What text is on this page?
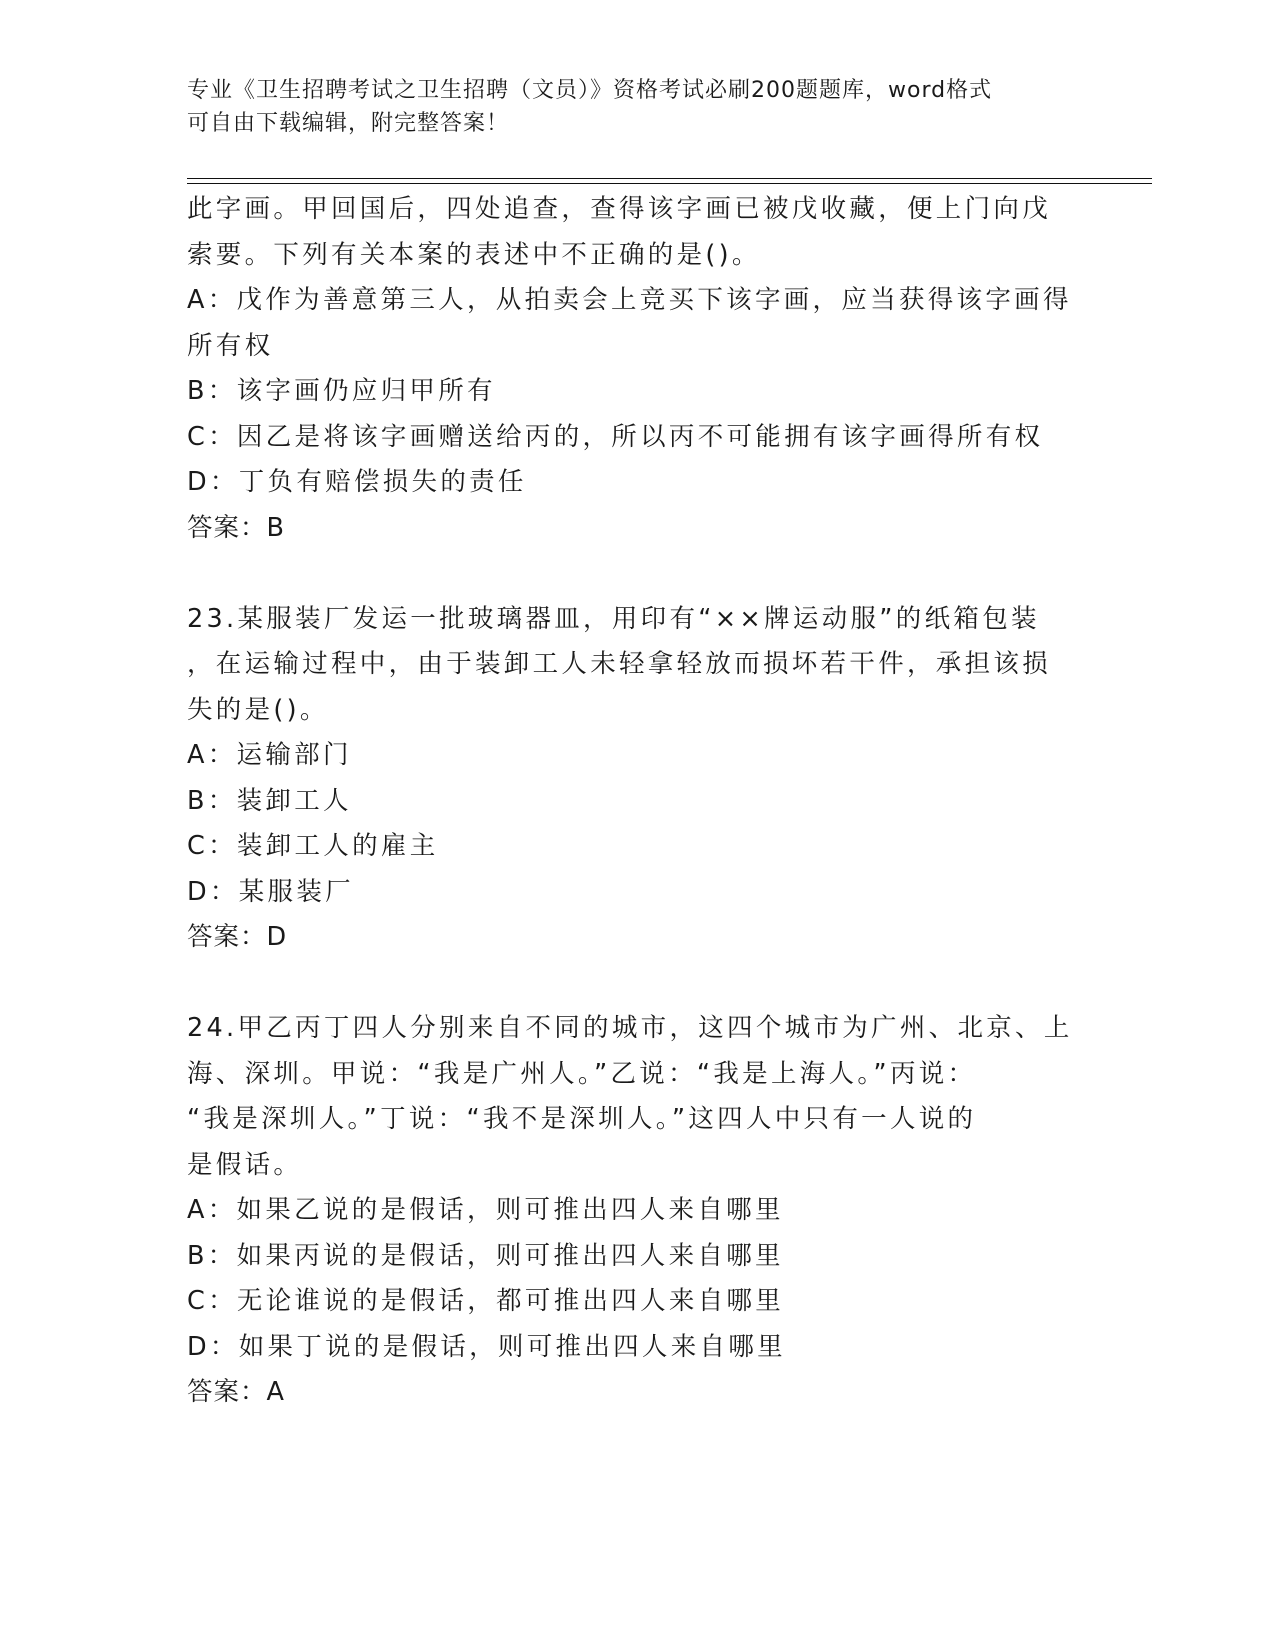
专业《卫生招聘考试之卫生招聘（文员）》资格考试必刷200题题库，word格式
可自由下载编辑，附完整答案！
此字画。甲回国后，四处追查，查得该字画已被戊收藏，便上门向戊
索要。下列有关本案的表述中不正确的是()。
A：戊作为善意第三人，从拍卖会上竞买下该字画，应当获得该字画得
所有权
B：该字画仍应归甲所有
C：因乙是将该字画赠送给丙的，所以丙不可能拥有该字画得所有权
D：丁负有赔偿损失的责任
答案：B
23.某服装厂发运一批玻璃器皿，用印有“××牌运动服”的纸箱包装
，在运输过程中，由于装卸工人未轻拿轻放而损坏若干件，承担该损
失的是()。
A：运输部门
B：装卸工人
C：装卸工人的雇主
D：某服装厂
答案：D
24.甲乙丙丁四人分别来自不同的城市，这四个城市为广州、北京、上
海、深圳。甲说：“我是广州人。”乙说：“我是上海人。”丙说：
“我是深圳人。”丁说：“我不是深圳人。”这四人中只有一人说的
是假话。
A：如果乙说的是假话，则可推出四人来自哪里
B：如果丙说的是假话，则可推出四人来自哪里
C：无论谁说的是假话，都可推出四人来自哪里
D：如果丁说的是假话，则可推出四人来自哪里
答案：A
